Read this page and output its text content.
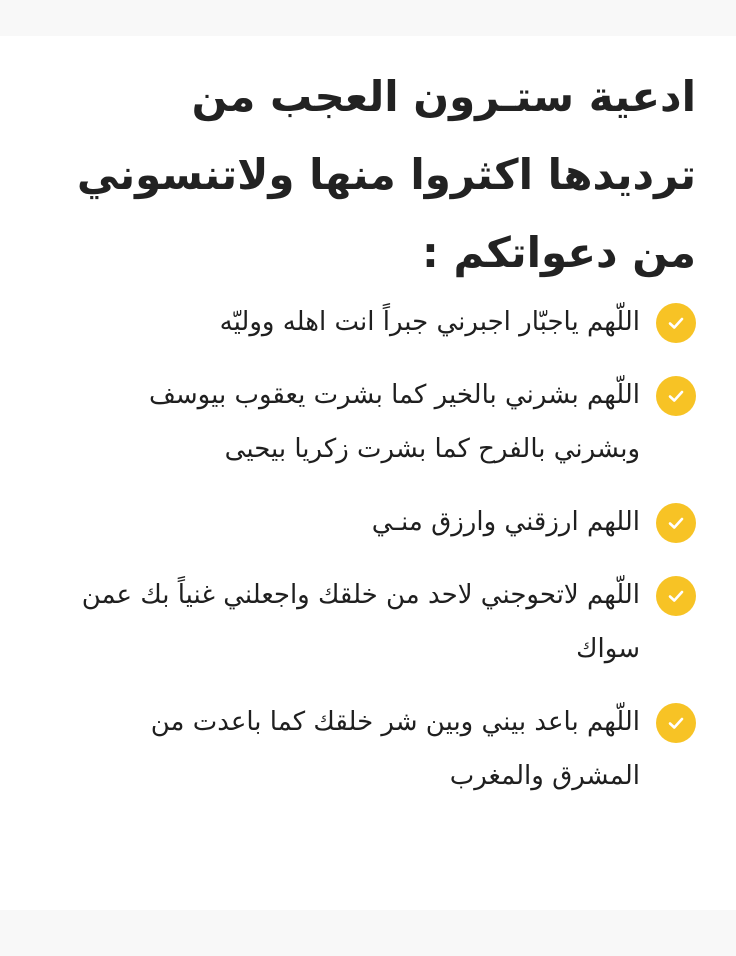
ادعية ستـرون العجب من ترديدها اكثروا منها ولاتنسوني من دعواتكم :
اللّهم ياجبّار اجبرني جبراً انت اهله ووليّه
اللّهم بشرني بالخير كما بشرت يعقوب بيوسف وبشرني بالفرح كما بشرت زكريا بيحيى
اللهم ارزقني وارزق منـي
اللّهم لاتحوجني لاحد من خلقك واجعلني غنياً بك عمن سواك
اللّهم باعد بيني وبين شر خلقك كما باعدت من المشرق والمغرب
